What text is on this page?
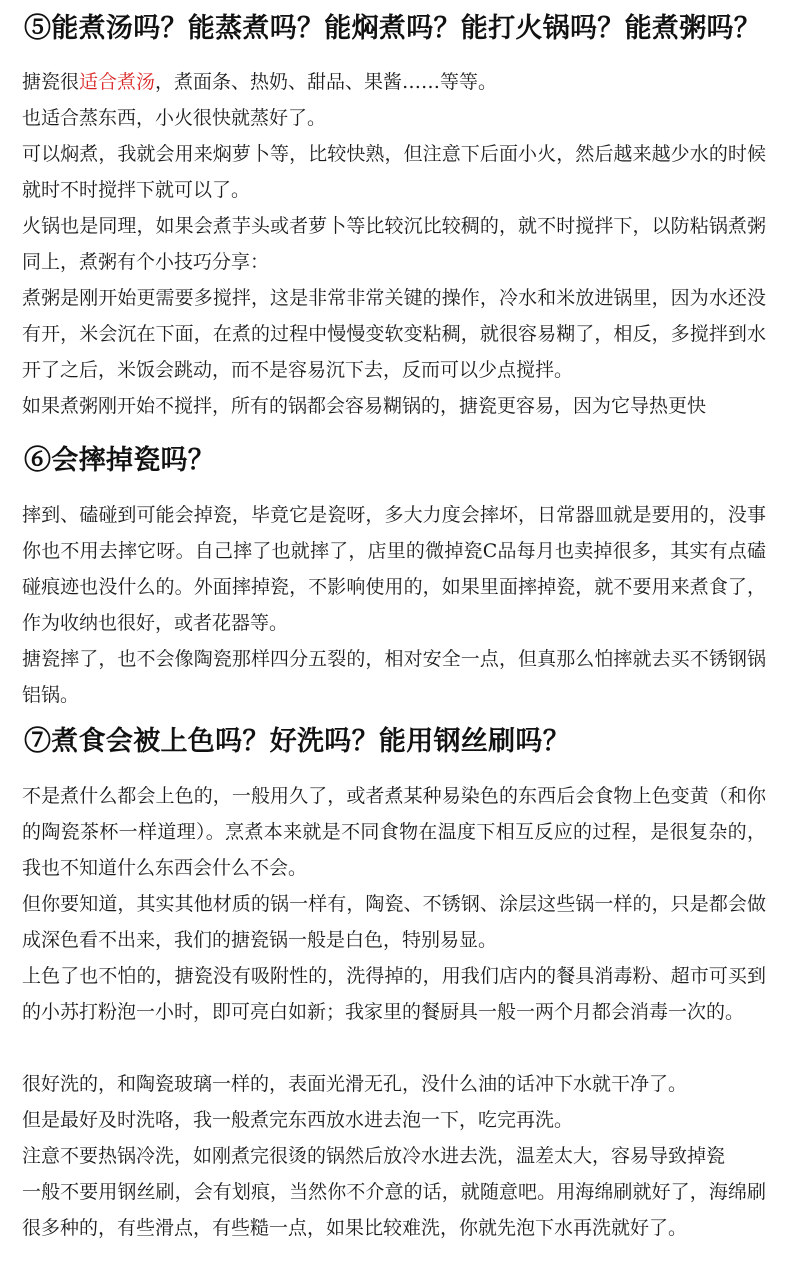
⑤能煮汤吗？能蒸煮吗？能焖煮吗？能打火锅吗？能煮粥吗？

搪瓷很适合煮汤，煮面条、热奶、甜品、果酱……等等。

也适合蒸东西，小火很快就蒸好了。

可以焖煮，我就会用来焖萝卜等，比较快熟，但注意下后面小火，然后越来越少水的时候就时不时搅拌下就可以了。

火锅也是同理，如果会煮芋头或者萝卜等比较沉比较稠的，就不时搅拌下，以防粘锅煮粥同上，煮粥有个小技巧分享：

煮粥是刚开始更需要多搅拌，这是非常非常关键的操作，冷水和米放进锅里，因为水还没有开，米会沉在下面，在煮的过程中慢慢变软变粘稠，就很容易糊了，相反，多搅拌到水开了之后，米饭会跳动，而不是容易沉下去，反而可以少点搅拌。

如果煮粥刚开始不搅拌，所有的锅都会容易糊锅的，搪瓷更容易，因为它导热更快

⑥会摔掉瓷吗？

摔到、磕碰到可能会掉瓷，毕竟它是瓷呀，多大力度会摔坏，日常器皿就是要用的，没事你也不用去摔它呀。自己摔了也就摔了，店里的微掉瓷C品每月也卖掉很多，其实有点磕碰痕迹也没什么的。外面摔掉瓷，不影响使用的，如果里面摔掉瓷，就不要用来煮食了，作为收纳也很好，或者花器等。

搪瓷摔了，也不会像陶瓷那样四分五裂的，相对安全一点，但真那么怕摔就去买不锈钢锅铝锅。

⑦煮食会被上色吗？好洗吗？能用钢丝刷吗？

不是煮什么都会上色的，一般用久了，或者煮某种易染色的东西后会食物上色变黄（和你的陶瓷茶杯一样道理）。烹煮本来就是不同食物在温度下相互反应的过程，是很复杂的，我也不知道什么东西会什么不会。

但你要知道，其实其他材质的锅一样有，陶瓷、不锈钢、涂层这些锅一样的，只是都会做成深色看不出来，我们的搪瓷锅一般是白色，特别易显。

上色了也不怕的，搪瓷没有吸附性的，洗得掉的，用我们店内的餐具消毒粉、超市可买到的小苏打粉泡一小时，即可亮白如新；我家里的餐厨具一般一两个月都会消毒一次的。

很好洗的，和陶瓷玻璃一样的，表面光滑无孔，没什么油的话冲下水就干净了。

但是最好及时洗咯，我一般煮完东西放水进去泡一下，吃完再洗。

注意不要热锅冷洗，如刚煮完很烫的锅然后放冷水进去洗，温差太大，容易导致掉瓷

一般不要用钢丝刷，会有划痕，当然你不介意的话，就随意吧。用海绵刷就好了，海绵刷很多种的，有些滑点，有些糙一点，如果比较难洗，你就先泡下水再洗就好了。
